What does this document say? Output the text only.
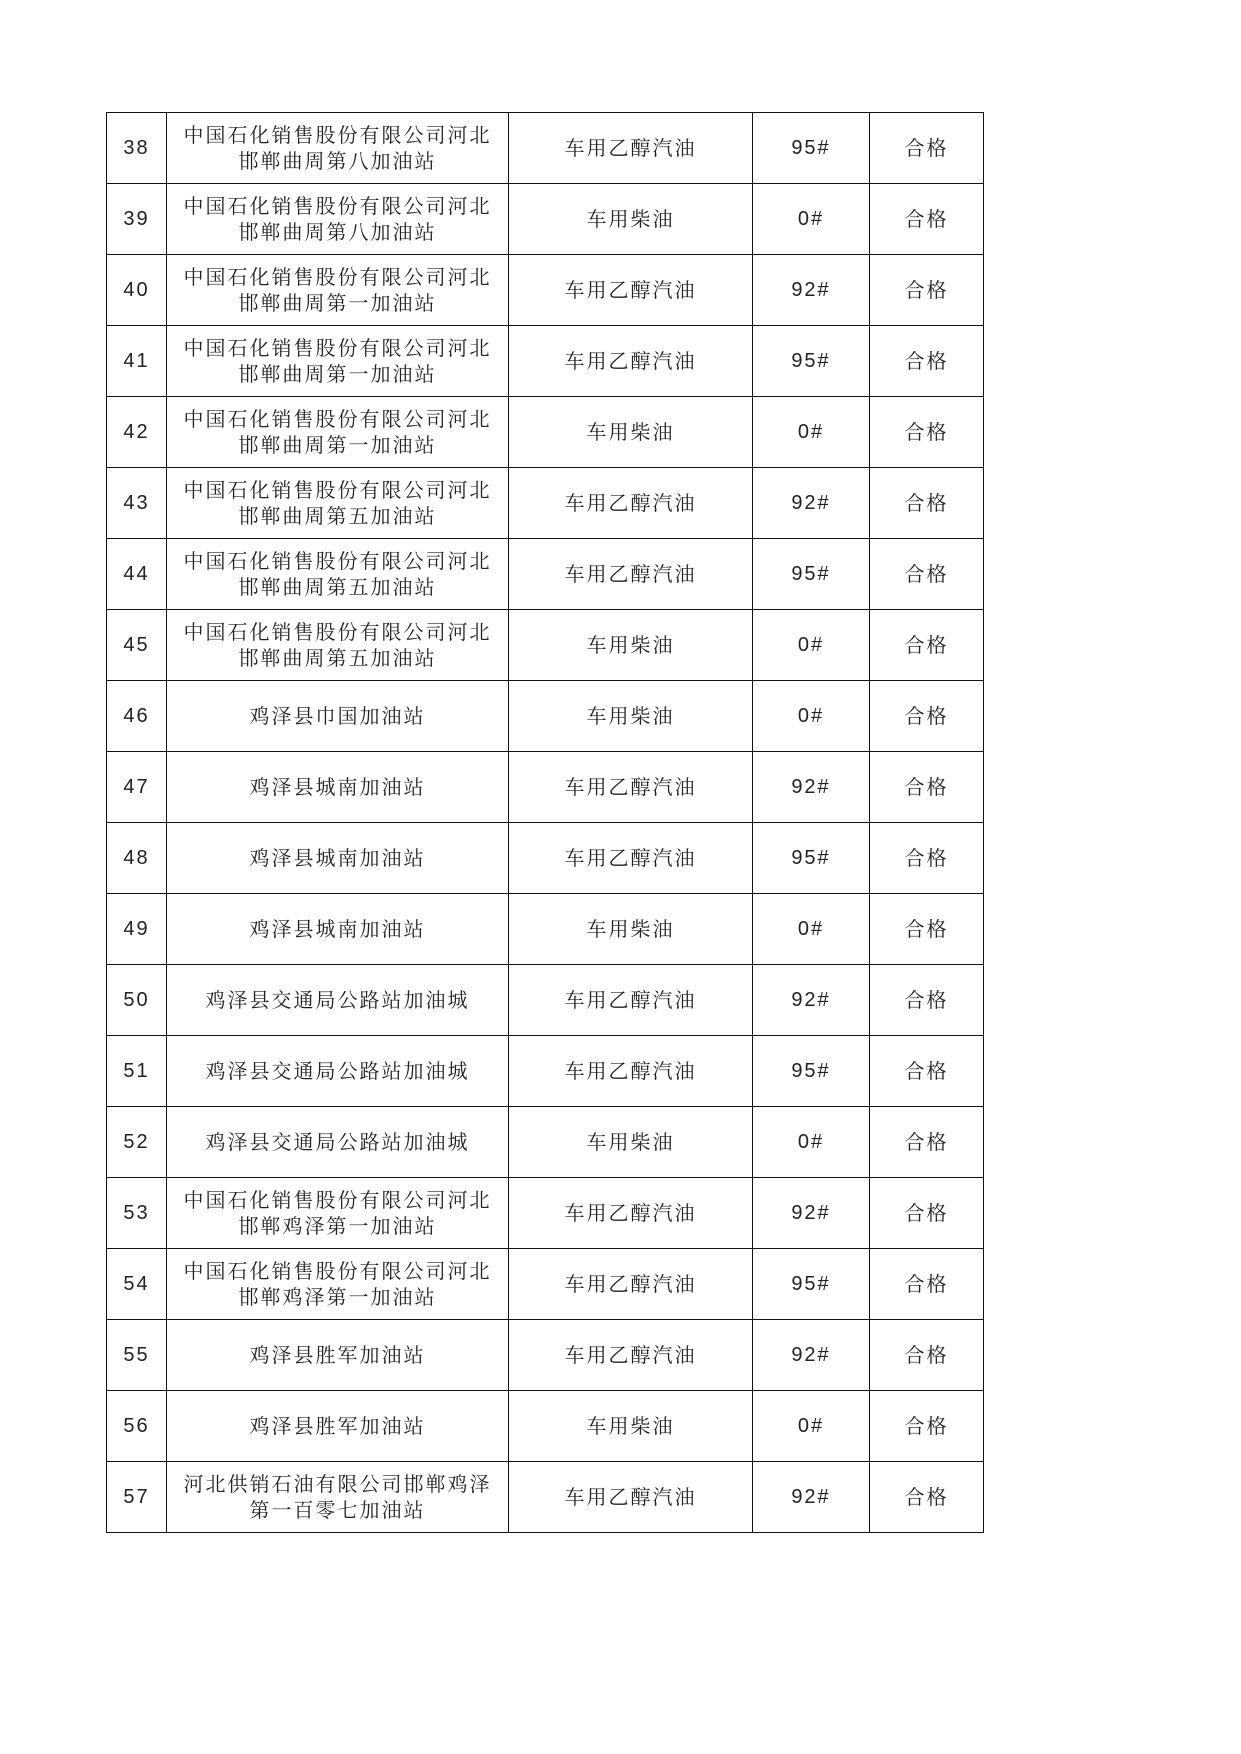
38	中国石化销售股份有限公司河北邯郸曲周第八加油站	车用乙醇汽油	95#	合格
39	中国石化销售股份有限公司河北邯郸曲周第八加油站	车用柴油	0#	合格
40	中国石化销售股份有限公司河北邯郸曲周第一加油站	车用乙醇汽油	92#	合格
41	中国石化销售股份有限公司河北邯郸曲周第一加油站	车用乙醇汽油	95#	合格
42	中国石化销售股份有限公司河北邯郸曲周第一加油站	车用柴油	0#	合格
43	中国石化销售股份有限公司河北邯郸曲周第五加油站	车用乙醇汽油	92#	合格
44	中国石化销售股份有限公司河北邯郸曲周第五加油站	车用乙醇汽油	95#	合格
45	中国石化销售股份有限公司河北邯郸曲周第五加油站	车用柴油	0#	合格
46	鸡泽县巾国加油站	车用柴油	0#	合格
47	鸡泽县城南加油站	车用乙醇汽油	92#	合格
48	鸡泽县城南加油站	车用乙醇汽油	95#	合格
49	鸡泽县城南加油站	车用柴油	0#	合格
50	鸡泽县交通局公路站加油城	车用乙醇汽油	92#	合格
51	鸡泽县交通局公路站加油城	车用乙醇汽油	95#	合格
52	鸡泽县交通局公路站加油城	车用柴油	0#	合格
53	中国石化销售股份有限公司河北邯郸鸡泽第一加油站	车用乙醇汽油	92#	合格
54	中国石化销售股份有限公司河北邯郸鸡泽第一加油站	车用乙醇汽油	95#	合格
55	鸡泽县胜军加油站	车用乙醇汽油	92#	合格
56	鸡泽县胜军加油站	车用柴油	0#	合格
57	河北供销石油有限公司邯郸鸡泽第一百零七加油站	车用乙醇汽油	92#	合格
